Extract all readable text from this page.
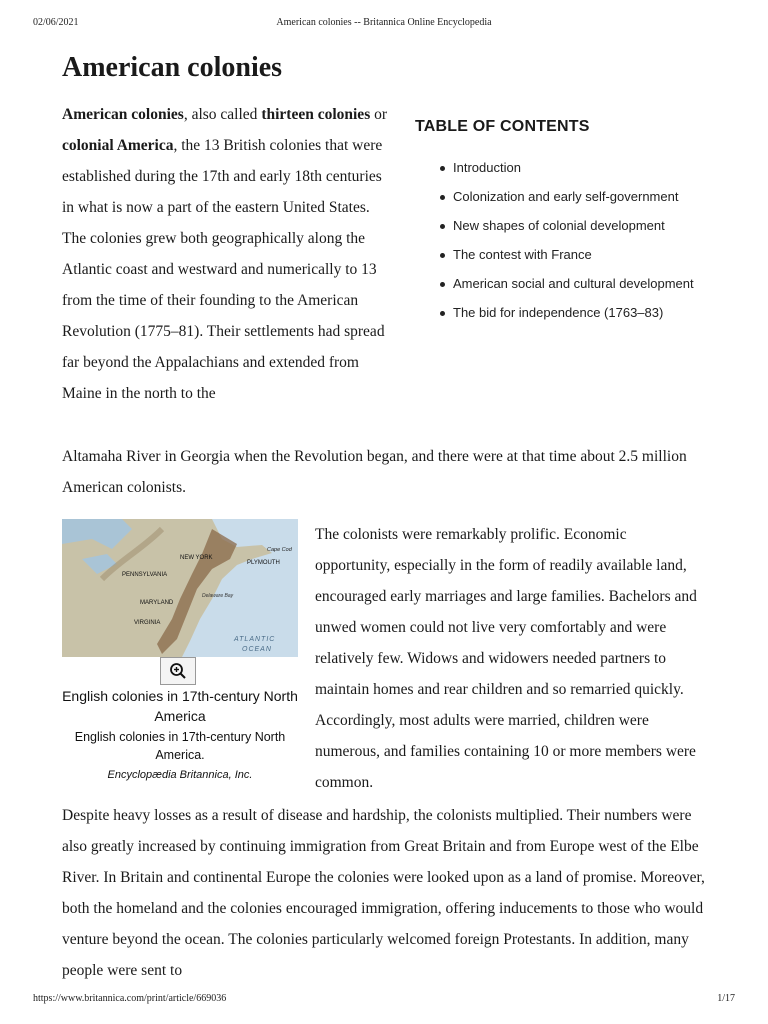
02/06/2021	American colonies -- Britannica Online Encyclopedia
American colonies

American colonies, also called thirteen colonies or colonial America, the 13 British colonies that were established during the 17th and early 18th centuries in what is now a part of the eastern United States. The colonies grew both geographically along the Atlantic coast and westward and numerically to 13 from the time of their founding to the American Revolution (1775–81). Their settlements had spread far beyond the Appalachians and extended from Maine in the north to the

Altamaha River in Georgia when the Revolution began, and there were at that time about 2.5 million American colonists.

TABLE OF CONTENTS
Introduction
Colonization and early self-government
New shapes of colonial development
The contest with France
American social and cultural development
The bid for independence (1763–83)
NEW YORK
PENNSYLVANIA
MARYLAND
VIRGINIA
PLYMOUTH
Cape Cod
Delaware Bay
ATLANTIC
OCEAN
English colonies in 17th-century North America
English colonies in 17th-century North America.
Encyclopædia Britannica, Inc.

The colonists were remarkably prolific. Economic opportunity, especially in the form of readily available land, encouraged early marriages and large families. Bachelors and unwed women could not live very comfortably and were relatively few. Widows and widowers needed partners to maintain homes and rear children and so remarried quickly. Accordingly, most adults were married, children were numerous, and families containing 10 or more members were common.

Despite heavy losses as a result of disease and hardship, the colonists multiplied. Their numbers were also greatly increased by continuing immigration from Great Britain and from Europe west of the Elbe River. In Britain and continental Europe the colonies were looked upon as a land of promise. Moreover, both the homeland and the colonies encouraged immigration, offering inducements to those who would venture beyond the ocean. The colonies particularly welcomed foreign Protestants. In addition, many people were sent to

https://www.britannica.com/print/article/669036	1/17
